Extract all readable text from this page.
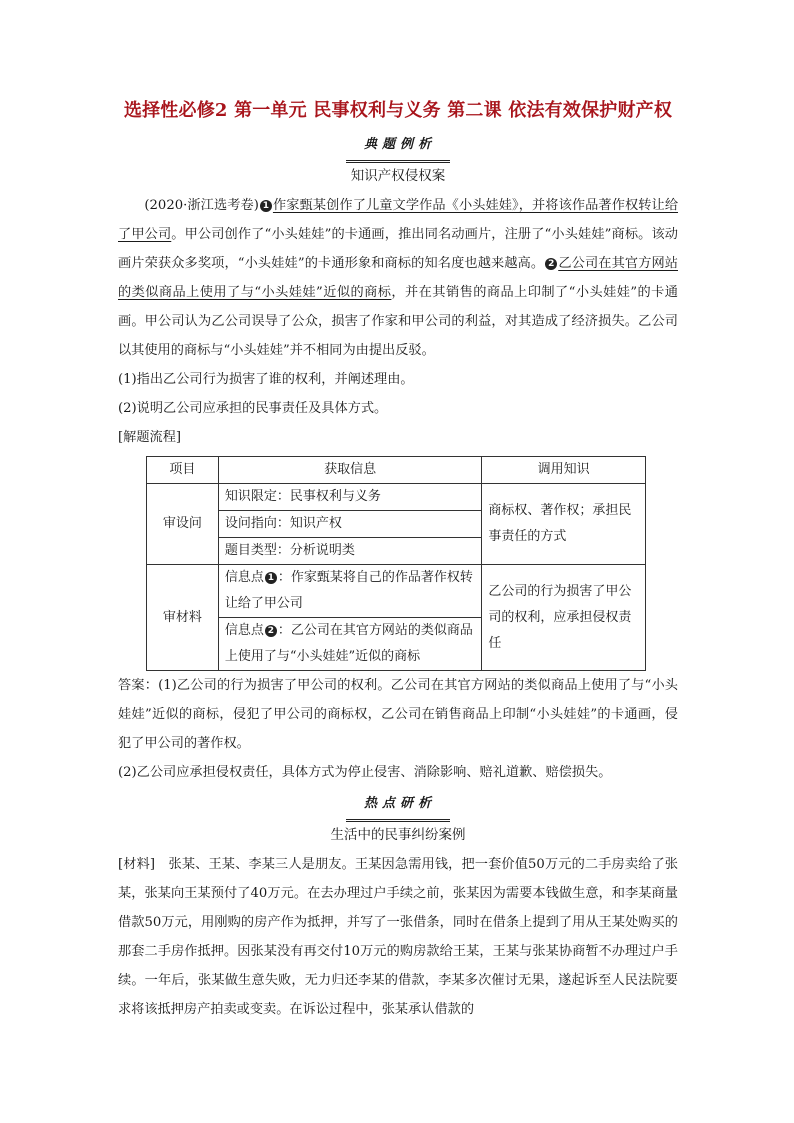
选择性必修2 第一单元 民事权利与义务 第二课 依法有效保护财产权
典题例析
知识产权侵权案

(2020·浙江选考卷) 1 作家甄某创作了儿童文学作品《小头娃娃》，并将该作品著作权转让给了甲公司。甲公司创作了“小头娃娃”的卡通画，推出同名动画片，注册了“小头娃娃”商标。该动画片荣获众多奖项，“小头娃娃”的卡通形象和商标的知名度也越来越高。 2 乙公司在其官方网站的类似商品上使用了与“小头娃娃”近似的商标，并在其销售的商品上印制了“小头娃娃”的卡通画。甲公司认为乙公司误导了公众，损害了作家和甲公司的利益，对其造成了经济损失。乙公司以其使用的商标与“小头娃娃”并不相同为由提出反驳。

(1)指出乙公司行为损害了谁的权利，并阐述理由。

(2)说明乙公司应承担的民事责任及具体方式。

[解题流程]

项目	获取信息	调用知识
审设问	知识限定：民事权利与义务	商标权、著作权；承担民事责任的方式
	设问指向：知识产权	
	题目类型：分析说明类	
审材料	信息点 1 ：作家甄某将自己的作品著作权转让给了甲公司	乙公司的行为损害了甲公司的权利，应承担侵权责任
	信息点 2 ：乙公司在其官方网站的类似商品上使用了与“小头娃娃”近似的商标	

答案：(1)乙公司的行为损害了甲公司的权利。乙公司在其官方网站的类似商品上使用了与“小头娃娃”近似的商标，侵犯了甲公司的商标权，乙公司在销售商品上印制“小头娃娃”的卡通画，侵犯了甲公司的著作权。

(2)乙公司应承担侵权责任，具体方式为停止侵害、消除影响、赔礼道歉、赔偿损失。

热点研析
生活中的民事纠纷案例

[材料]　张某、王某、李某三人是朋友。王某因急需用钱，把一套价值50万元的二手房卖给了张某，张某向王某预付了40万元。在去办理过户手续之前，张某因为需要本钱做生意，和李某商量借款50万元，用刚购的房产作为抵押，并写了一张借条，同时在借条上提到了用从王某处购买的那套二手房作抵押。因张某没有再交付10万元的购房款给王某，王某与张某协商暂不办理过户手续。一年后，张某做生意失败，无力归还李某的借款，李某多次催讨无果，遂起诉至人民法院要求将该抵押房产拍卖或变卖。在诉讼过程中，张某承认借款的
